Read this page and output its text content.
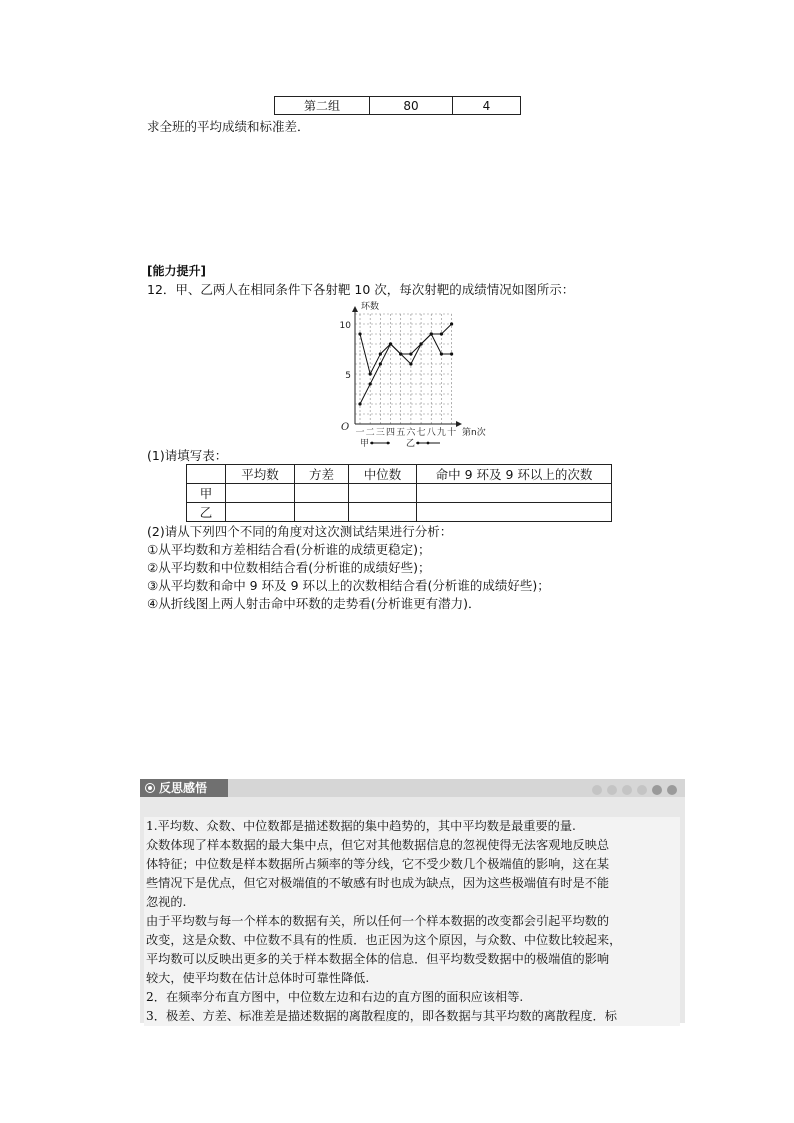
第二组	80	4
求全班的平均成绩和标准差．
[能力提升]
12．甲、乙两人在相同条件下各射靶 10 次，每次射靶的成绩情况如图所示：
5
10
O
环数
一 二 三 四 五 六 七 八 九 十 第n次
甲	乙
(1)请填写表：
	平均数	方差	中位数	命中 9 环及 9 环以上的次数
甲				
乙				
(2)请从下列四个不同的角度对这次测试结果进行分析：
①从平均数和方差相结合看(分析谁的成绩更稳定)；
②从平均数和中位数相结合看(分析谁的成绩好些)；
③从平均数和命中 9 环及 9 环以上的次数相结合看(分析谁的成绩好些)；
④从折线图上两人射击命中环数的走势看(分析谁更有潜力)．
反思感悟
1.平均数、众数、中位数都是描述数据的集中趋势的，其中平均数是最重要的量.
众数体现了样本数据的最大集中点，但它对其他数据信息的忽视使得无法客观地反映总
体特征；中位数是样本数据所占频率的等分线，它不受少数几个极端值的影响，这在某
些情况下是优点，但它对极端值的不敏感有时也成为缺点，因为这些极端值有时是不能
忽视的.
由于平均数与每一个样本的数据有关，所以任何一个样本数据的改变都会引起平均数的
改变，这是众数、中位数不具有的性质．也正因为这个原因，与众数、中位数比较起来，
平均数可以反映出更多的关于样本数据全体的信息．但平均数受数据中的极端值的影响
较大，使平均数在估计总体时可靠性降低.
2．在频率分布直方图中，中位数左边和右边的直方图的面积应该相等.
3．极差、方差、标准差是描述数据的离散程度的，即各数据与其平均数的离散程度．标
